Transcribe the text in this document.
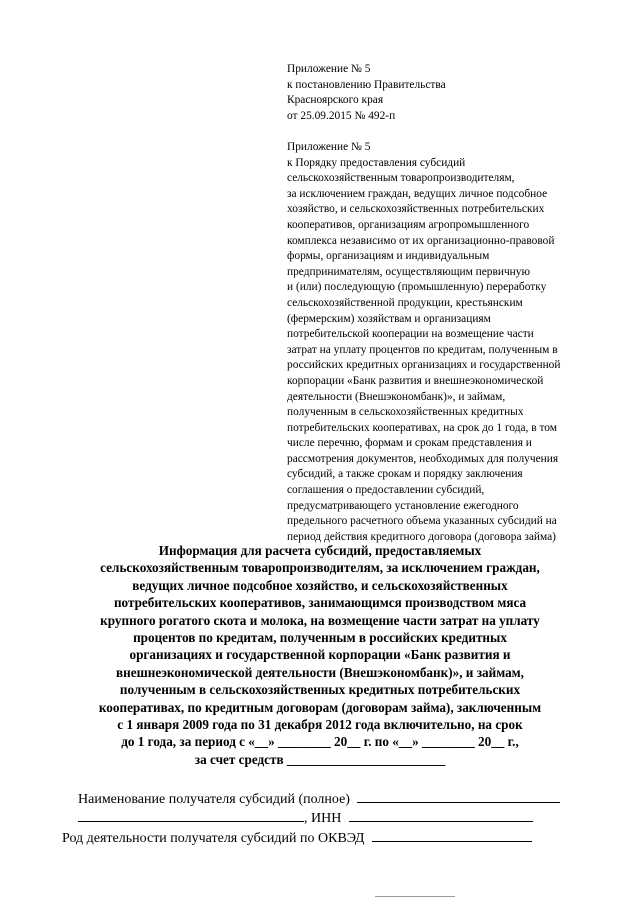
Приложение № 5
к постановлению Правительства
Красноярского края
от 25.09.2015 № 492-п
Приложение № 5
к Порядку предоставления субсидий
сельскохозяйственным товаропроизводителям,
за исключением граждан, ведущих личное подсобное
хозяйство, и сельскохозяйственных потребительских
кооперативов, организациям агропромышленного
комплекса независимо от их организационно-правовой
формы, организациям и индивидуальным
предпринимателям, осуществляющим первичную
и (или) последующую (промышленную) переработку
сельскохозяйственной продукции, крестьянским
(фермерским) хозяйствам и организациям
потребительской кооперации на возмещение части
затрат на уплату процентов по кредитам, полученным в
российских кредитных организациях и государственной
корпорации «Банк развития и внешнеэкономической
деятельности (Внешэкономбанк)», и займам,
полученным в сельскохозяйственных кредитных
потребительских кооперативах, на срок до 1 года, в том
числе перечню, формам и срокам представления и
рассмотрения документов, необходимых для получения
субсидий, а также срокам и порядку заключения
соглашения о предоставлении субсидий,
предусматривающего установление ежегодного
предельного расчетного объема указанных субсидий на
период действия кредитного договора (договора займа)
Информация для расчета субсидий, предоставляемых
сельскохозяйственным товаропроизводителям, за исключением граждан,
ведущих личное подсобное хозяйство, и сельскохозяйственных
потребительских кооперативов, занимающимся производством мяса
крупного рогатого скота и молока, на возмещение части затрат на уплату
процентов по кредитам, полученным в российских кредитных
организациях и государственной корпорации «Банк развития и
внешнеэкономической деятельности (Внешэкономбанк)», и займам,
полученным в сельскохозяйственных кредитных потребительских
кооперативах, по кредитным договорам (договорам займа), заключенным
с 1 января 2009 года по 31 декабря 2012 года включительно, на срок
до 1 года, за период с «__» ________ 20__ г. по «__» ________ 20__ г.,
за счет средств ________________________
Наименование получателя субсидий (полное)
, ИНН
Род деятельности получателя субсидий по ОКВЭД
